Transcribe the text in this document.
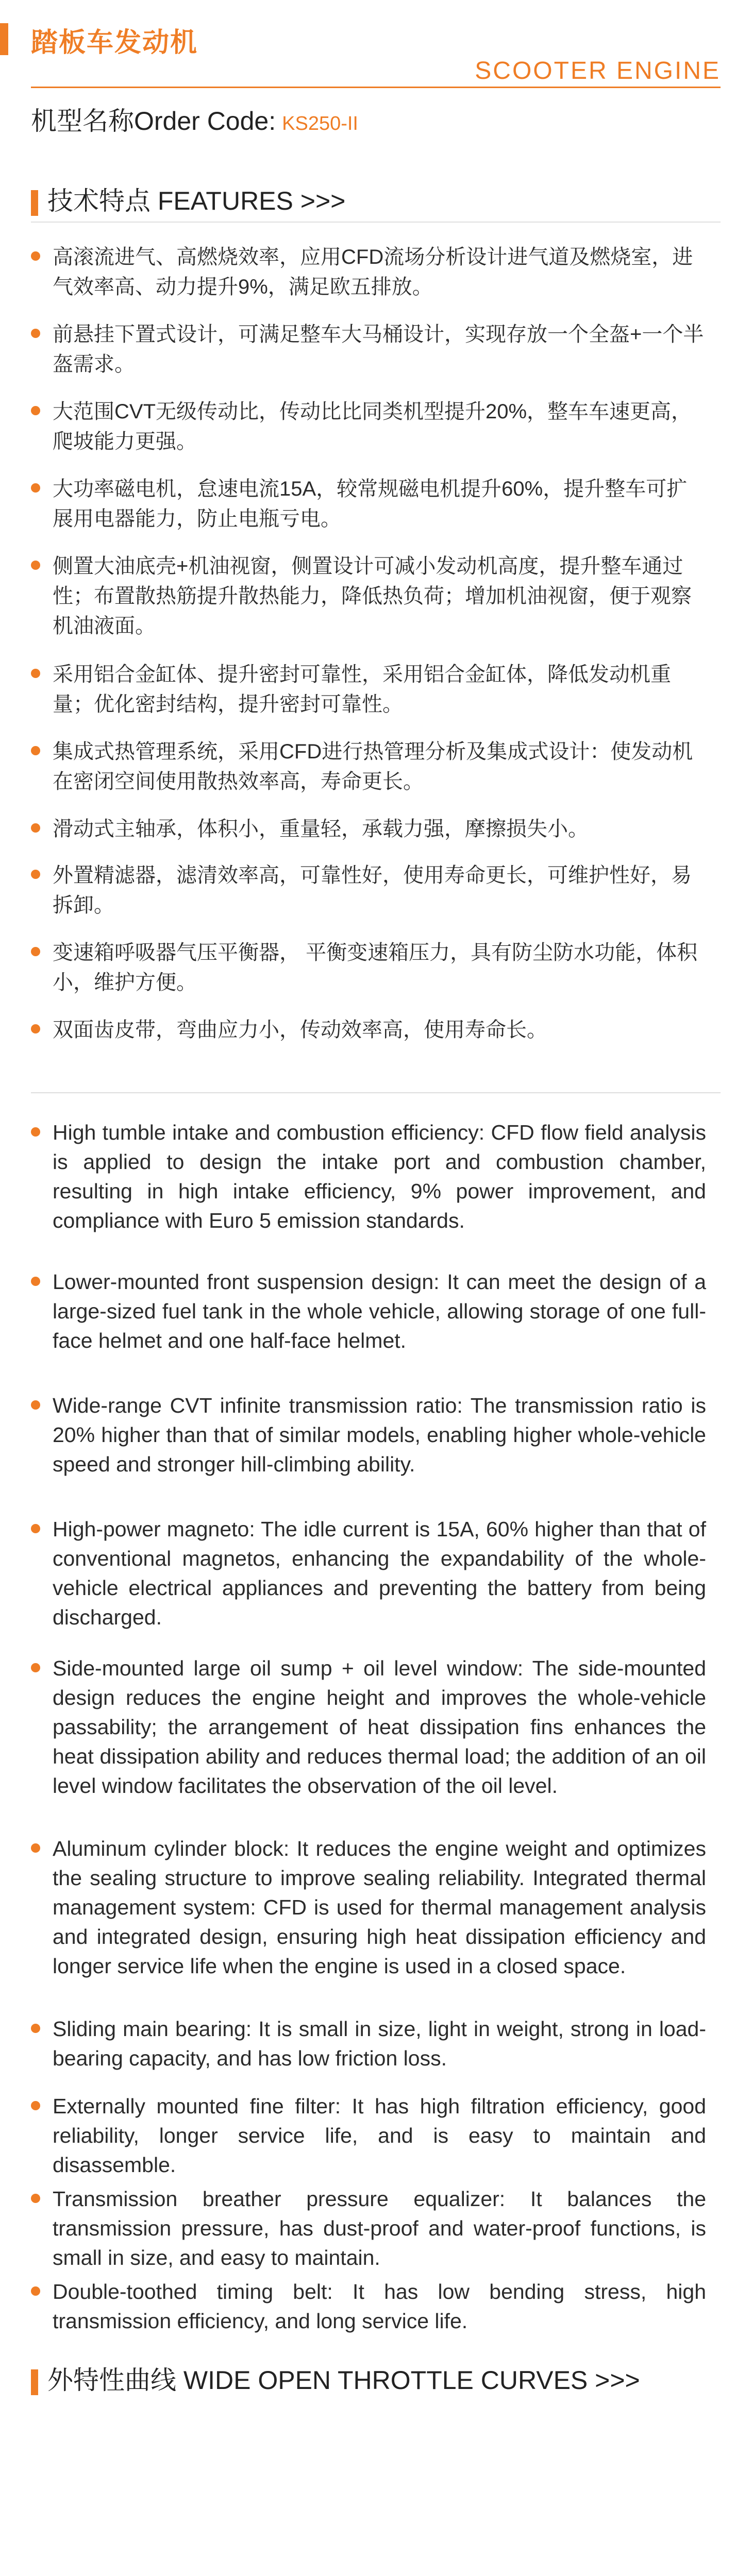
踏板车发动机
SCOOTER ENGINE
机型名称Order Code: KS250-II
技术特点 FEATURES >>>
高滚流进气、高燃烧效率，应用CFD流场分析设计进气道及燃烧室，进气效率高、动力提升9%，满足欧五排放。
前悬挂下置式设计，可满足整车大马桶设计，实现存放一个全盔+一个半盔需求。
大范围CVT无级传动比，传动比比同类机型提升20%，整车车速更高，爬坡能力更强。
大功率磁电机，怠速电流15A，较常规磁电机提升60%，提升整车可扩展用电器能力，防止电瓶亏电。
侧置大油底壳+机油视窗，侧置设计可减小发动机高度，提升整车通过性；布置散热筋提升散热能力，降低热负荷；增加机油视窗，便于观察机油液面。
采用铝合金缸体、提升密封可靠性，采用铝合金缸体，降低发动机重量；优化密封结构，提升密封可靠性。
集成式热管理系统，采用CFD进行热管理分析及集成式设计：使发动机在密闭空间使用散热效率高，寿命更长。
滑动式主轴承，体积小，重量轻，承载力强，摩擦损失小。
外置精滤器，滤清效率高，可靠性好，使用寿命更长，可维护性好，易拆卸。
变速箱呼吸器气压平衡器， 平衡变速箱压力，具有防尘防水功能，体积小，维护方便。
双面齿皮带，弯曲应力小，传动效率高，使用寿命长。
High tumble intake and combustion efficiency: CFD flow field analysis is applied to design the intake port and combustion chamber, resulting in high intake efficiency, 9% power improvement, and compliance with Euro 5 emission standards.
Lower-mounted front suspension design: It can meet the design of a large-sized fuel tank in the whole vehicle, allowing storage of one full-face helmet and one half-face helmet.
Wide-range CVT infinite transmission ratio: The transmission ratio is 20% higher than that of similar models, enabling higher whole-vehicle speed and stronger hill-climbing ability.
High-power magneto: The idle current is 15A, 60% higher than that of conventional magnetos, enhancing the expandability of the whole-vehicle electrical appliances and preventing the battery from being discharged.
Side-mounted large oil sump + oil level window: The side-mounted design reduces the engine height and improves the whole-vehicle passability; the arrangement of heat dissipation fins enhances the heat dissipation ability and reduces thermal load; the addition of an oil level window facilitates the observation of the oil level.
Aluminum cylinder block: It reduces the engine weight and optimizes the sealing structure to improve sealing reliability. Integrated thermal management system: CFD is used for thermal management analysis and integrated design, ensuring high heat dissipation efficiency and longer service life when the engine is used in a closed space.
Sliding main bearing: It is small in size, light in weight, strong in load-bearing capacity, and has low friction loss.
Externally mounted fine filter: It has high filtration efficiency, good reliability, longer service life, and is easy to maintain and disassemble.
Transmission breather pressure equalizer: It balances the transmission pressure, has dust-proof and water-proof functions, is small in size, and easy to maintain.
Double-toothed timing belt: It has low bending stress, high transmission efficiency, and long service life.
外特性曲线 WIDE OPEN THROTTLE CURVES >>>
